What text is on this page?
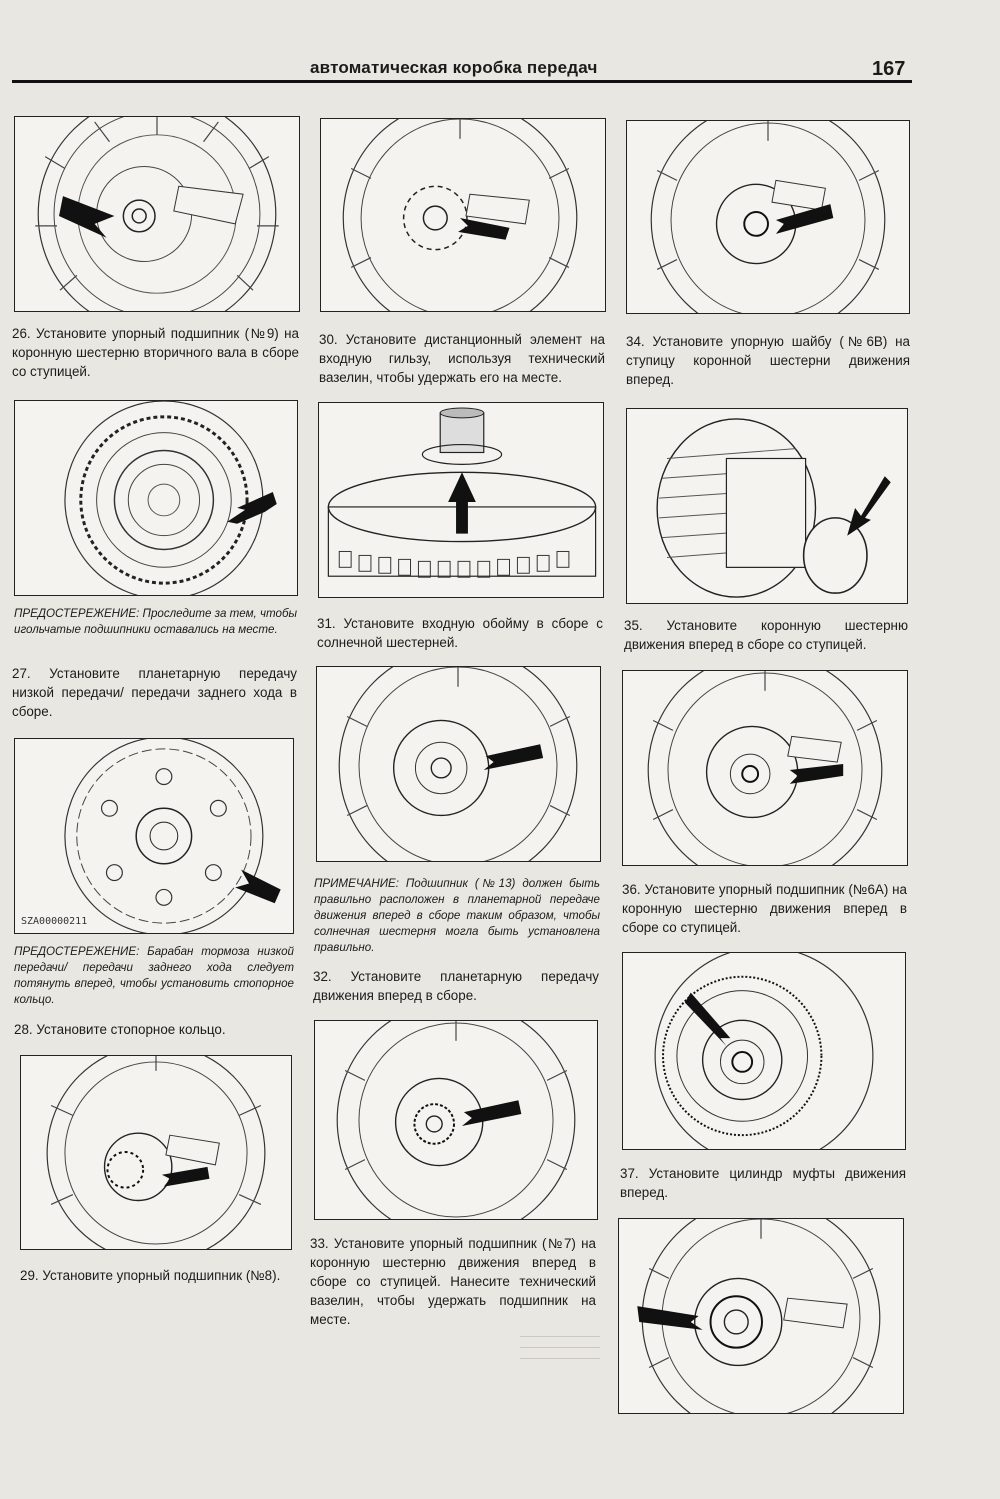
автоматическая коробка передач	167
26. Установите упорный подшипник (№9) на коронную шестерню вторичного вала в сборе со ступицей.
ПРЕДОСТЕРЕЖЕНИЕ: Проследите за тем, чтобы игольчатые подшипники оставались на месте.
27. Установите планетарную передачу низкой передачи/ передачи заднего хода в сборе.
SZA00000211
ПРЕДОСТЕРЕЖЕНИЕ: Барабан тормоза низкой передачи/ передачи заднего хода следует потянуть вперед, чтобы установить стопорное кольцо.
28. Установите стопорное кольцо.
29. Установите упорный подшипник (№8).
30. Установите дистанционный элемент на входную гильзу, используя технический вазелин, чтобы удержать его на месте.
31. Установите входную обойму в сборе с солнечной шестерней.
ПРИМЕЧАНИЕ: Подшипник (№13) должен быть правильно расположен в планетарной передаче движения вперед в сборе таким образом, чтобы солнечная шестерня могла быть установлена правильно.
32. Установите планетарную передачу движения вперед в сборе.
33. Установите упорный подшипник (№7) на коронную шестерню движения вперед в сборе со ступицей. Нанесите технический вазелин, чтобы удержать подшипник на месте.
34. Установите упорную шайбу (№6В) на ступицу коронной шестерни движения вперед.
35. Установите коронную шестерню движения вперед в сборе со ступицей.
36. Установите упорный подшипник (№6А) на коронную шестерню движения вперед в сборе со ступицей.
37. Установите цилиндр муфты движения вперед.
